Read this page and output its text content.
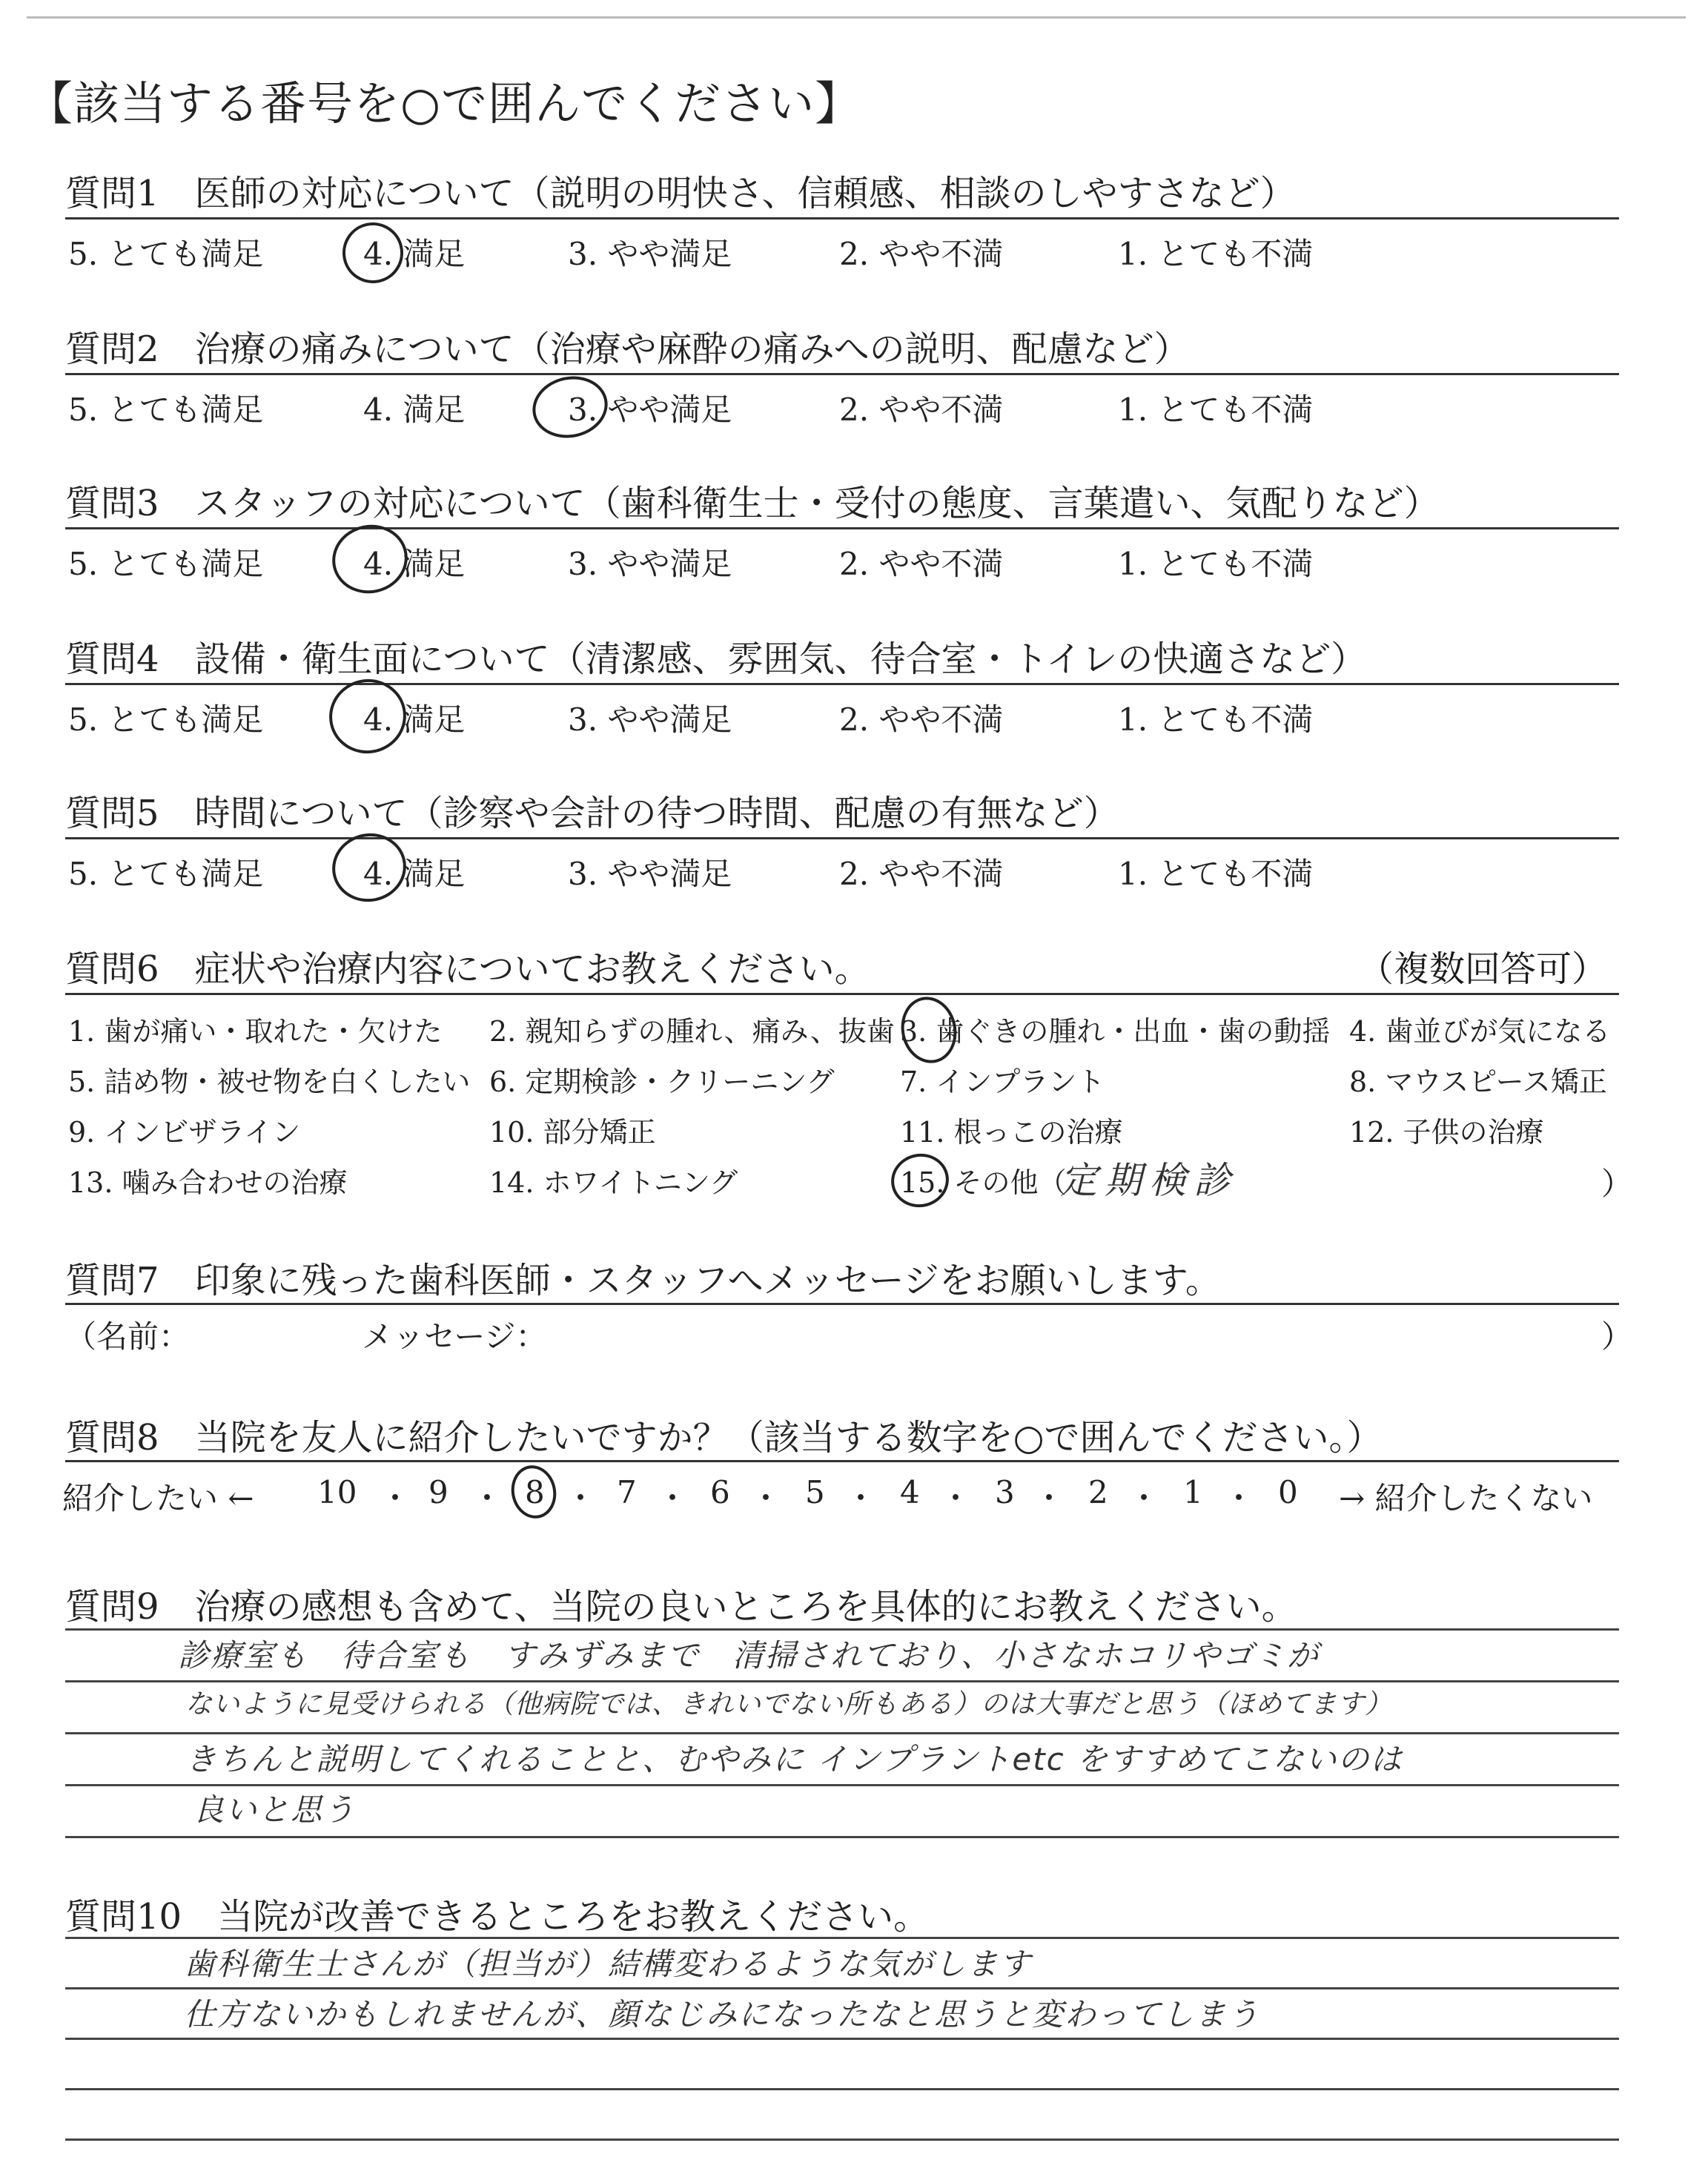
【該当する番号を○で囲んでください】
質問1　 医師の対応について（説明の明快さ、信頼感、相談のしやすさなど）
5. とても満足	4. 満足	3. やや満足	2. やや不満	1. とても不満
質問2　 治療の痛みについて（治療や麻酔の痛みへの説明、配慮など）
5. とても満足	4. 満足	3. やや満足	2. やや不満	1. とても不満
質問3　 スタッフの対応について（歯科衛生士・受付の態度、言葉遣い、気配りなど）
5. とても満足	4. 満足	3. やや満足	2. やや不満	1. とても不満
質問4　 設備・衛生面について（清潔感、雰囲気、待合室・トイレの快適さなど）
5. とても満足	4. 満足	3. やや満足	2. やや不満	1. とても不満
質問5　 時間について（診察や会計の待つ時間、配慮の有無など）
5. とても満足	4. 満足	3. やや満足	2. やや不満	1. とても不満
質問6　 症状や治療内容についてお教えください。	（複数回答可）
1. 歯が痛い・取れた・欠けた 2. 親知らずの腫れ、痛み、抜歯 3. 歯ぐきの腫れ・出血・歯の動揺 4. 歯並びが気になる
5. 詰め物・被せ物を白くしたい 6. 定期検診・クリーニング 7. インプラント	8. マウスピース矯正
9. インビザライン	10. 部分矯正	11. 根っこの治療	12. 子供の治療
13. 噛み合わせの治療	14. ホワイトニング	15. その他（
定期検診	）
質問7　 印象に残った歯科医師・スタッフへメッセージをお願いします。
（名前：	メッセージ：	）
質問8　 当院を友人に紹介したいですか？（該当する数字を○で囲んでください。）
紹介したい ← 10 ・ 9 ・ 8 ・ 7 ・ 6 ・ 5 ・ 4 ・ 3 ・ 2 ・ 1 ・ 0 → 紹介したくない
質問9　 治療の感想も含めて、当院の良いところを具体的にお教えください。
診療室も　待合室も　すみずみまで　清掃されており、小さなホコリやゴミが
ないように見受けられる（他病院では、きれいでない所もある）のは大事だと思う（ほめてます）
きちんと説明してくれることと、むやみに インプラントetc をすすめてこないのは
良いと思う
質問10　 当院が改善できるところをお教えください。
歯科衛生士さんが（担当が）結構変わるような気がします
仕方ないかもしれませんが、顔なじみになったなと思うと変わってしまう
